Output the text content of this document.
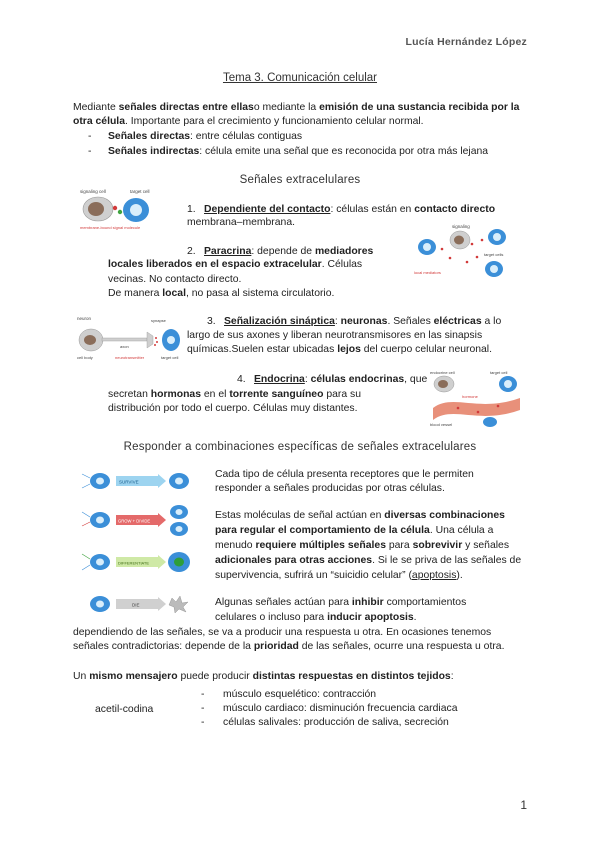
Lucía Hernández López
Tema 3. Comunicación celular
Mediante señales directas entre ellaso mediante la emisión de una sustancia recibida por la
otra célula. Importante para el crecimiento y funcionamiento celular normal.
- Señales directas: entre células contiguas
- Señales indirectas: célula emite una señal que es reconocida por otra más lejana
Señales extracelulares
signaling cell	target cell
membrane-bound signal molecule
1. Dependiente del contacto: células están en contacto directo
membrana–membrana.	signaling
local mediators
target cells
2. Paracrina: depende de mediadores
locales liberados en el espacio extracelular. Células
vecinas. No contacto directo.
De manera local, no pasa al sistema circulatorio.
neuron
axon
synapse
cell body	neurotransmitter	target cell
3. Señalización sináptica: neuronas. Señales eléctricas a lo
largo de sus axones y liberan neurotransmisores en las sinapsis
químicas.Suelen estar ubicadas lejos del cuerpo celular neuronal.
endocrine cell	target cell
blood vessel
hormone
4. Endocrina: células endocrinas, que
secretan hormonas en el torrente sanguíneo para su
distribución por todo el cuerpo. Células muy distantes.
Responder a combinaciones específicas de señales extracelulares
SURVIVE
GROW + DIVIDE
DIFFERENTIATE
DIE
Cada tipo de célula presenta receptores que le permiten
responder a señales producidas por otras células.
Estas moléculas de señal actúan en diversas combinaciones
para regular el comportamiento de la célula. Una célula a
menudo requiere múltiples señales para sobrevivir y señales
adicionales para otras acciones. Si le se priva de las señales de
supervivencia, sufrirá un “suicidio celular” (apoptosis).
Algunas señales actúan para inhibir comportamientos
celulares o incluso para inducir apoptosis.
dependiendo de las señales, se va a producir una respuesta u otra. En ocasiones tenemos
señales contradictorias: depende de la prioridad de las señales, ocurre una respuesta u otra.
Un mismo mensajero puede producir distintas respuestas en distintos tejidos:
acetil-codina
- músculo esquelético: contracción
- músculo cardiaco: disminución frecuencia cardiaca
- células salivales: producción de saliva, secreción
1
